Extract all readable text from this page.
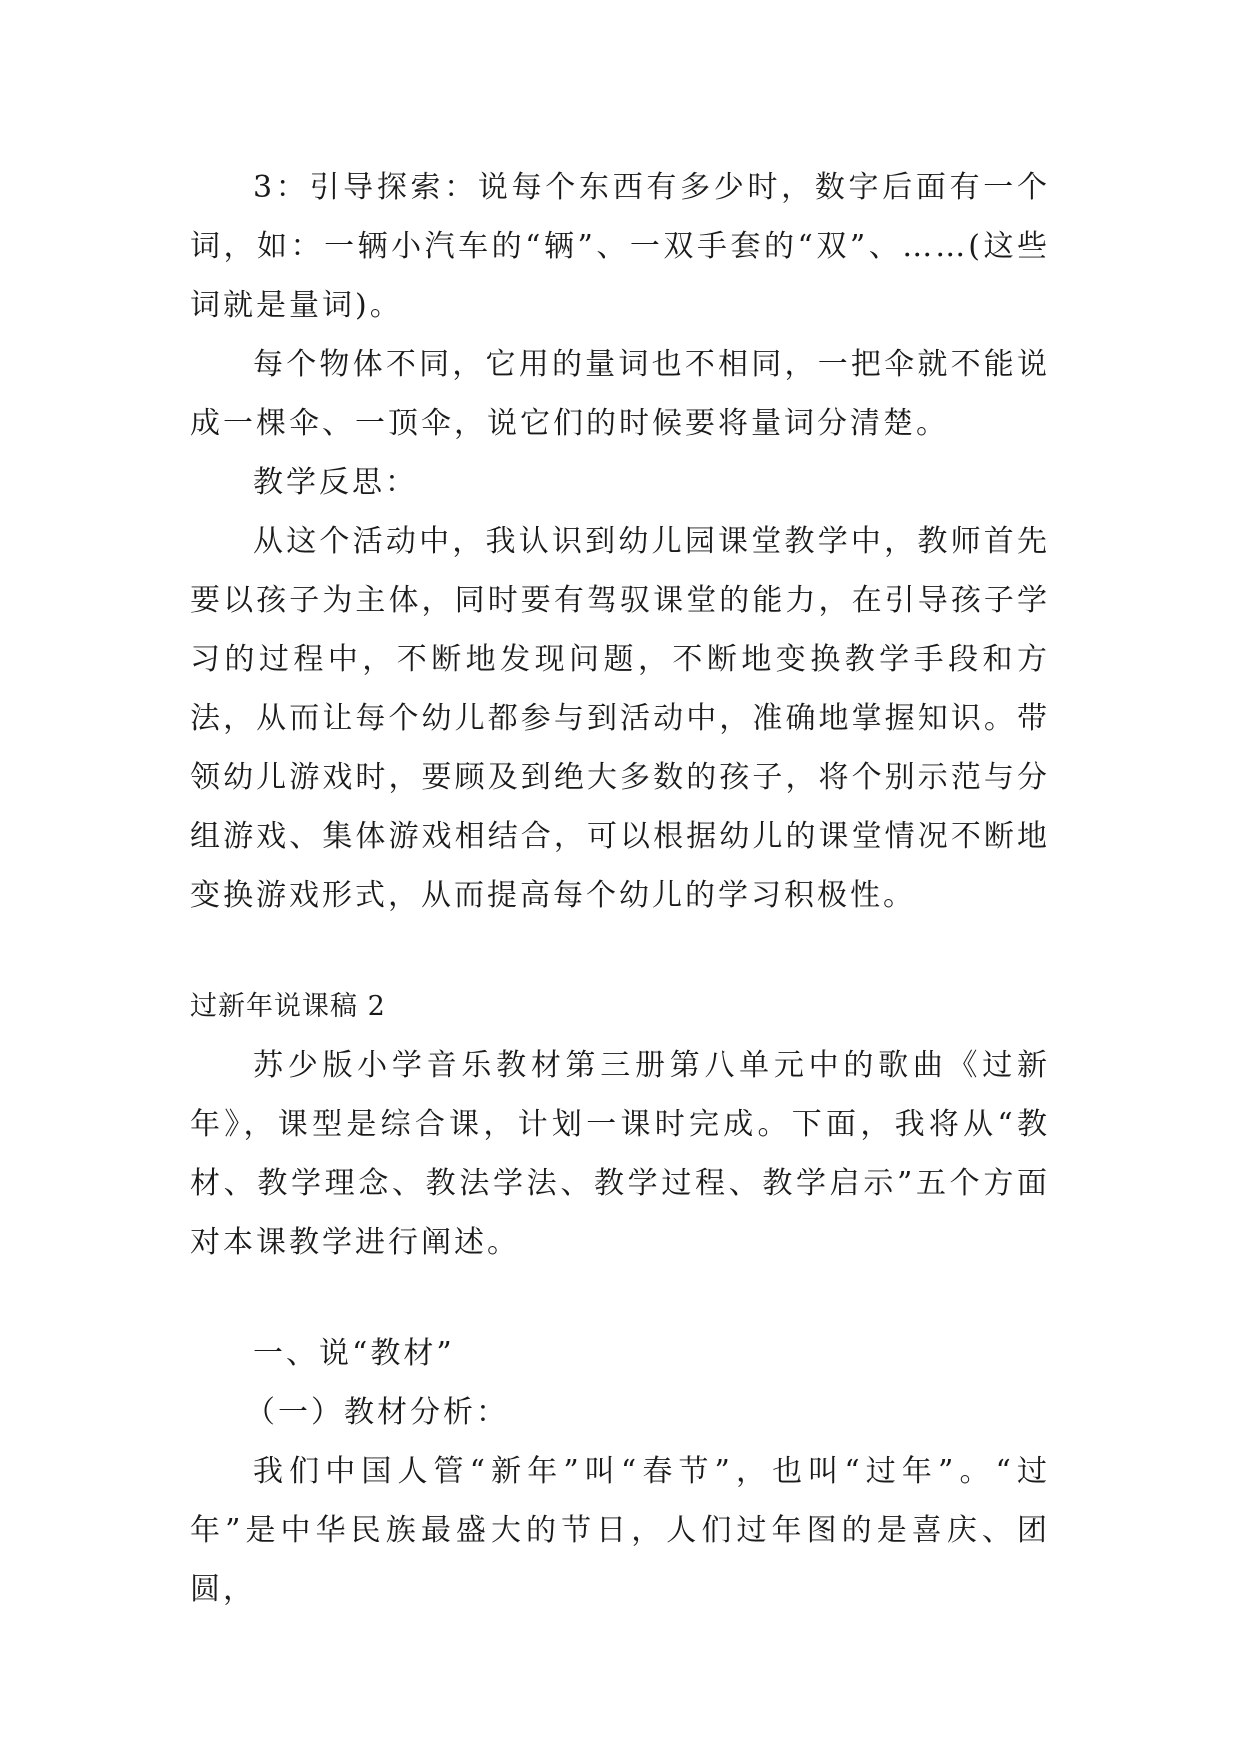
3：引导探索：说每个东西有多少时，数字后面有一个词，如：一辆小汽车的“辆”、一双手套的“双”、……(这些词就是量词)。

每个物体不同，它用的量词也不相同，一把伞就不能说成一棵伞、一顶伞，说它们的时候要将量词分清楚。

教学反思：

从这个活动中，我认识到幼儿园课堂教学中，教师首先要以孩子为主体，同时要有驾驭课堂的能力，在引导孩子学习的过程中，不断地发现问题，不断地变换教学手段和方法，从而让每个幼儿都参与到活动中，准确地掌握知识。带领幼儿游戏时，要顾及到绝大多数的孩子，将个别示范与分组游戏、集体游戏相结合，可以根据幼儿的课堂情况不断地变换游戏形式，从而提高每个幼儿的学习积极性。

过新年说课稿 2

苏少版小学音乐教材第三册第八单元中的歌曲《过新年》，课型是综合课，计划一课时完成。下面，我将从“教材、教学理念、教法学法、教学过程、教学启示”五个方面对本课教学进行阐述。

一、说“教材”

（一）教材分析：

我们中国人管“新年”叫“春节”，也叫“过年”。“过年”是中华民族最盛大的节日，人们过年图的是喜庆、团圆，
